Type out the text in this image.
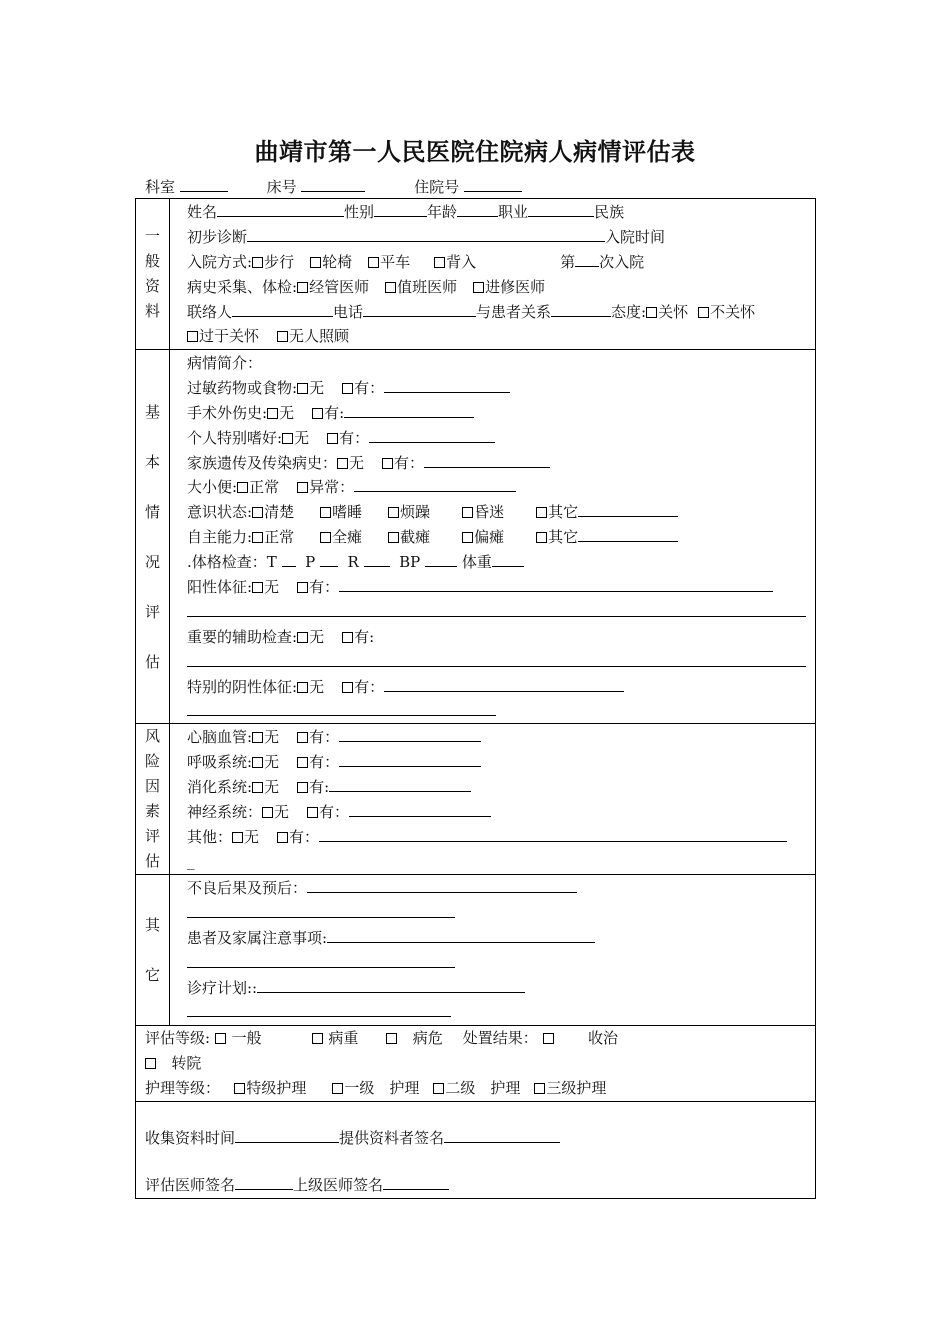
曲靖市第一人民医院住院病人病情评估表
科室	床号	住院号
一
般
资
料
姓名	性别	年龄	职业	民族
初步诊断	入院时间
入院方式: 步行 轮椅 平车 背入	第 次入院
病史采集、体检: 经管医师 值班医师 进修医师
联络人	电话	与患者关系	态度: 关怀 不关怀
过于关怀 无人照顾
基
本
情
况
评
估
病情简介：
过敏药物或食物: 无 有：
手术外伤史: 无 有:
个人特别嗜好: 无 有：
家族遗传及传染病史： 无 有：
大小便: 正常 异常：
意识状态: 清楚	嗜睡	烦躁	昏迷	其它
自主能力: 正常	全瘫	截瘫	偏瘫	其它
.体格检查：T P R	BP	体重
阳性体征: 无 有：
重要的辅助检查: 无 有:
特别的阴性体征: 无 有：
风
险
因
素
评
估
心脑血管: 无 有：
呼吸系统: 无 有：
消化系统: 无 有:
神经系统： 无 有：
其他： 无 有：
_
其
它
不良后果及预后：
患者及家属注意事项:
诊疗计划::
评估等级: 一般	病重	病危 处置结果：	收治
转院
护理等级： 特级护理	一级　护理 二级　护理 三级护理
收集资料时间	提供资料者签名
评估医师签名	上级医师签名
